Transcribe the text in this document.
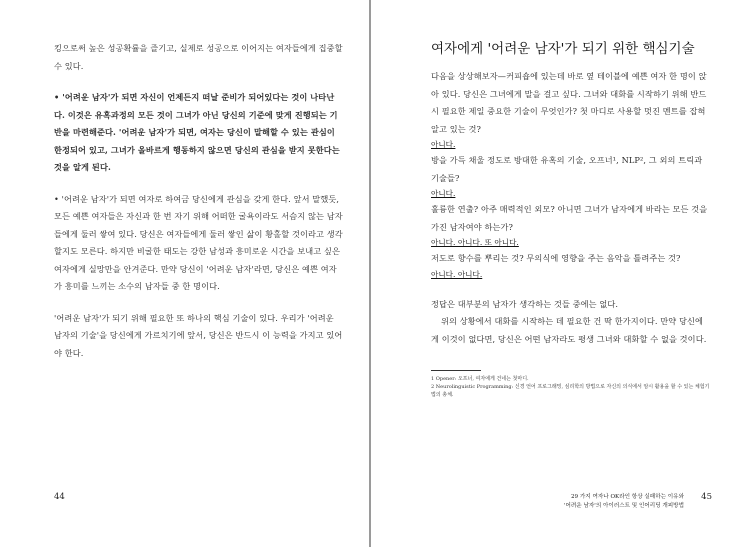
킹으로써 높은 성공확률을 즐기고, 실제로 성공으로 이어지는 여자들에게 집중할 수 있다.

• '어려운 남자'가 되면 자신이 언제든지 떠날 준비가 되어있다는 것이 나타난다. 이것은 유혹과정의 모든 것이 그녀가 아닌 당신의 기준에 맞게 진행되는 기반을 마련해준다. '어려운 남자'가 되면, 여자는 당신이 말해할 수 있는 관심이 한정되어 있고, 그녀가 올바르게 행동하지 않으면 당신의 관심을 받지 못한다는 것을 알게 된다.

• '어려운 남자'가 되면 여자로 하여금 당신에게 관심을 갖게 한다. 앞서 말했듯, 모든 예쁜 여자들은 자신과 한 번 자기 위해 어떠한 굴욕이라도 서슴지 않는 남자들에게 둘러 쌓여 있다. 당신은 여자들에게 둘러 쌓인 삶이 황홀할 것이라고 생각할지도 모른다. 하지만 비굴한 태도는 강한 남성과 흥미로운 시간을 보내고 싶은 여자에게 실망만을 안겨준다. 만약 당신이 '어려운 남자'라면, 당신은 예쁜 여자가 흥미를 느끼는 소수의 남자들 중 한 명이다.

'어려운 남자'가 되기 위해 필요한 또 하나의 핵심 기술이 있다. 우리가 '어려운 남자의 기술'을 당신에게 가르치기에 앞서, 당신은 반드시 이 능력을 가지고 있어야 한다.

44
여자에게 '어려운 남자'가 되기 위한 핵심기술

다음을 상상해보자—커피숍에 있는데 바로 옆 테이블에 예쁜 여자 한 명이 앉아 있다. 당신은 그녀에게 말을 걸고 싶다. 그녀와 대화를 시작하기 위해 반드시 필요한 제일 중요한 기술이 무엇인가? 첫 마디로 사용할 멋진 멘트를 잡혀 알고 있는 것?

아니다.

방을 가득 채울 정도로 방대한 유혹의 기술, 오프너¹, NLP², 그 외의 트릭과 기술들?

아니다.

훌륭한 연출? 아주 매력적인 외모? 아니면 그녀가 남자에게 바라는 모든 것을 가진 남자여야 하는가?

아니다. 아니다. 또 아니다.

저도로 향수를 뿌리는 것? 무의식에 영향을 주는 음악을 틀려주는 것?

아니다. 아니다.

정답은 대부분의 남자가 생각하는 것들 중에는 없다.

위의 상황에서 대화를 시작하는 데 필요한 건 딱 한가지이다. 만약 당신에게 이것이 없다면, 당신은 어떤 남자라도 평생 그녀와 대화할 수 없을 것이다.

1 Opener: 오프너, 여자에게 건네는 첫마디.

2 Neurolinguistic Programming: 신경 언어 프로그래밍, 심리학의 방법으로 자신의 의식에서 암시 활용을 할 수 있는 체험기법의 총체.

29 가지 여자나 OK라인 항상 실패하는 이유와
'어려운 남자'의 아이러스트 및 인어리딩 개피방법
45
